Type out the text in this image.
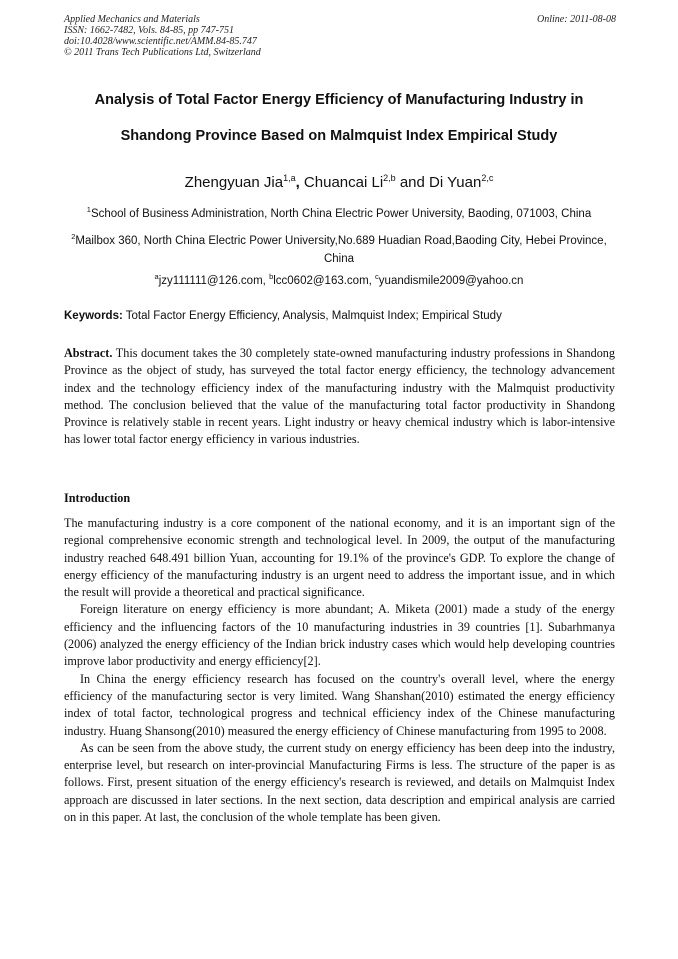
Applied Mechanics and Materials
ISSN: 1662-7482, Vols. 84-85, pp 747-751
doi:10.4028/www.scientific.net/AMM.84-85.747
© 2011 Trans Tech Publications Ltd, Switzerland
Online: 2011-08-08
Analysis of Total Factor Energy Efficiency of Manufacturing Industry in
Shandong Province Based on Malmquist Index Empirical Study
Zhengyuan Jia$^{1,a}$, Chuancai Li$^{2,b}$ and Di Yuan$^{2,c}$
$^1$School of Business Administration, North China Electric Power University, Baoding, 071003, China
$^2$Mailbox 360, North China Electric Power University,No.689 Huadian Road,Baoding City, Hebei Province, China
$^a$jzy111111@126.com, $^b$lcc0602@163.com, $^c$yuandismile2009@yahoo.cn
Keywords: Total Factor Energy Efficiency, Analysis, Malmquist Index; Empirical Study

Abstract. This document takes the 30 completely state-owned manufacturing industry professions in Shandong Province as the object of study, has surveyed the total factor energy efficiency, the technology advancement index and the technology efficiency index of the manufacturing industry with the Malmquist productivity method. The conclusion believed that the value of the manufacturing total factor productivity in Shandong Province is relatively stable in recent years. Light industry or heavy chemical industry which is labor-intensive has lower total factor energy efficiency in various industries.

Introduction

The manufacturing industry is a core component of the national economy, and it is an important sign of the regional comprehensive economic strength and technological level. In 2009, the output of the manufacturing industry reached 648.491 billion Yuan, accounting for 19.1% of the province's GDP. To explore the change of energy efficiency of the manufacturing industry is an urgent need to address the important issue, and in which the result will provide a theoretical and practical significance.

Foreign literature on energy efficiency is more abundant; A. Miketa (2001) made a study of the energy efficiency and the influencing factors of the 10 manufacturing industries in 39 countries [1]. Subarhmanya (2006) analyzed the energy efficiency of the Indian brick industry cases which would help developing countries improve labor productivity and energy efficiency[2].

In China the energy efficiency research has focused on the country's overall level, where the energy efficiency of the manufacturing sector is very limited. Wang Shanshan(2010) estimated the energy efficiency index of total factor, technological progress and technical efficiency index of the Chinese manufacturing industry. Huang Shansong(2010) measured the energy efficiency of Chinese manufacturing from 1995 to 2008.

As can be seen from the above study, the current study on energy efficiency has been deep into the industry, enterprise level, but research on inter-provincial Manufacturing Firms is less. The structure of the paper is as follows. First, present situation of the energy efficiency's research is reviewed, and details on Malmquist Index approach are discussed in later sections. In the next section, data description and empirical analysis are carried on in this paper. At last, the conclusion of the whole template has been given.
